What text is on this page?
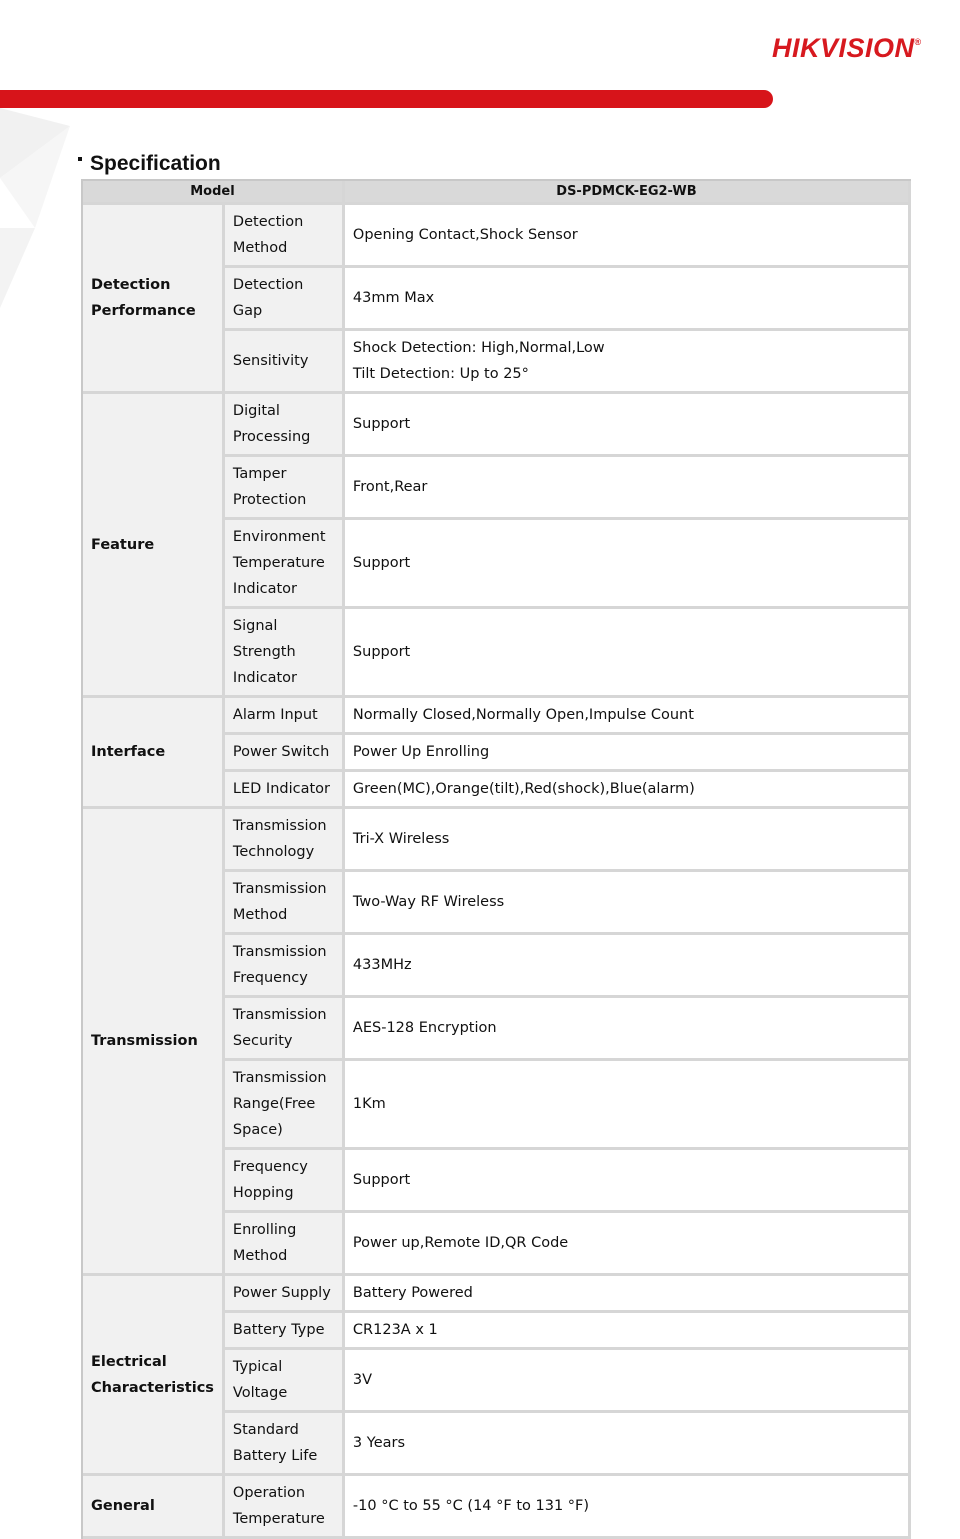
HIKVISION®
Specification
Model		DS-PDMCK-EG2-WB
Detection Performance	Detection Method	Opening Contact,Shock Sensor

	Detection Gap	43mm Max

	Sensitivity	Shock Detection: High,Normal,Low
Tilt Detection: Up to 25°

Feature	Digital Processing	Support

	Tamper Protection	Front,Rear

	Environment Temperature Indicator	Support

	Signal Strength Indicator	Support

Interface	Alarm Input	Normally Closed,Normally Open,Impulse Count

	Power Switch	Power Up Enrolling

	LED Indicator	Green(MC),Orange(tilt),Red(shock),Blue(alarm)

Transmission	Transmission Technology	Tri-X Wireless

	Transmission Method	Two-Way RF Wireless

	Transmission Frequency	433MHz

	Transmission Security	AES-128 Encryption

	Transmission Range(Free Space)	1Km

	Frequency Hopping	Support

	Enrolling Method	Power up,Remote ID,QR Code

Electrical Characteristics	Power Supply	Battery Powered

	Battery Type	CR123A x 1

	Typical Voltage	3V

	Standard Battery Life	3 Years

General	Operation Temperature	-10 °C to 55 °C (14 °F to 131 °F)
